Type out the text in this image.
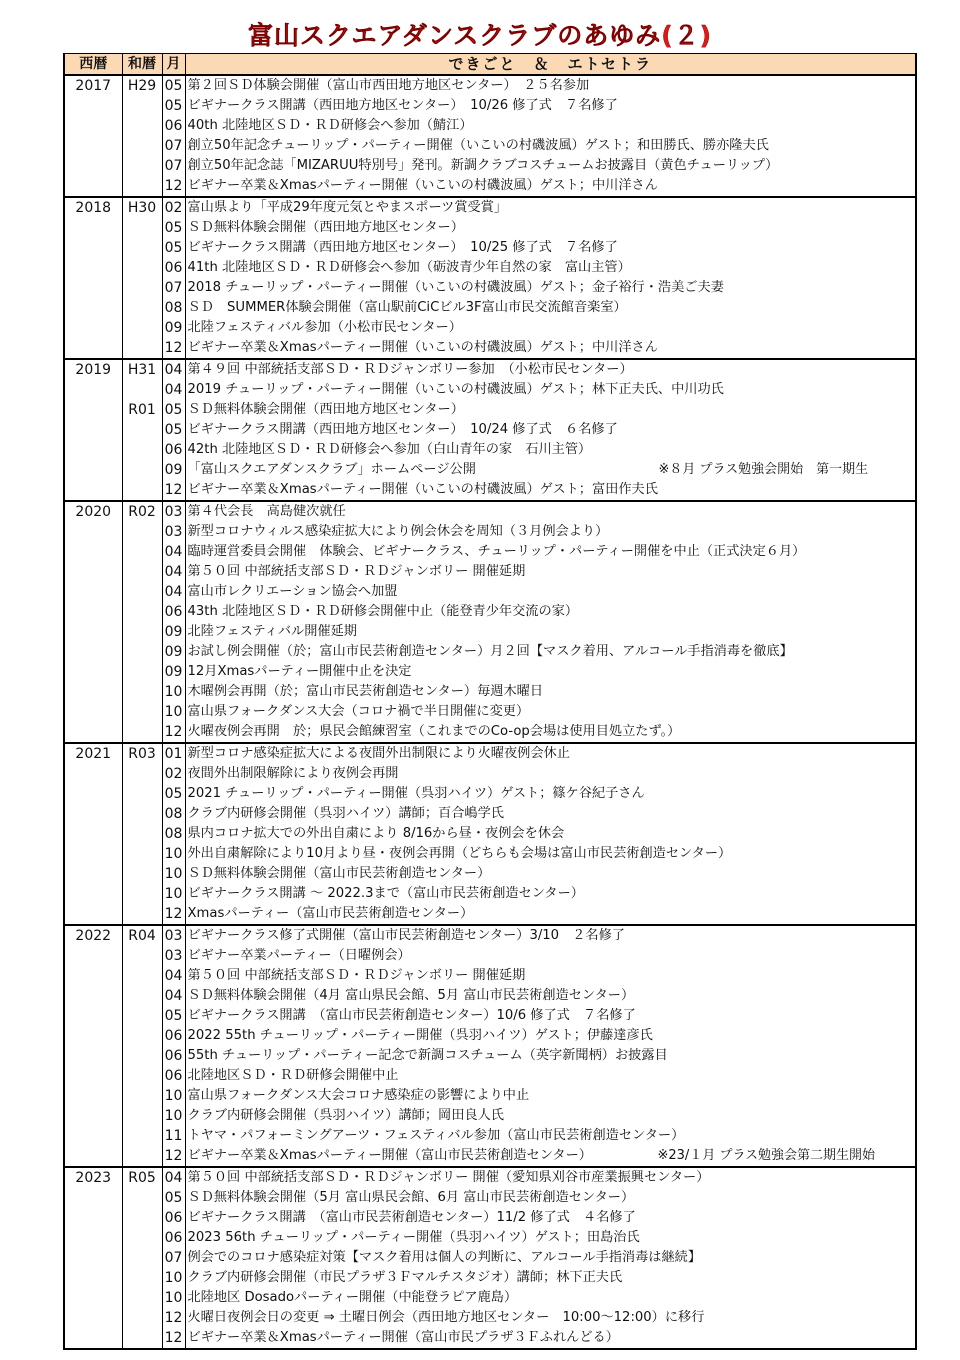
富山スクエアダンスクラブのあゆみ(２)
西暦	和暦	月	できごと　＆　エトセトラ
2017	H29	05	第２回ＳＤ体験会開催（富山市西田地方地区センター）　２５名参加
		05	ビギナークラス開講（西田地方地区センター）　10/26 修了式　７名修了
		06	40th 北陸地区ＳＤ・ＲＤ研修会へ参加（鯖江）
		07	創立50年記念チューリップ・パーティー開催（いこいの村磯波風）ゲスト；和田勝氏、勝亦隆夫氏
		07	創立50年記念誌「MIZARUU特別号」発刊。新調クラブコスチュームお披露目（黄色チューリップ）
		12	ビギナー卒業＆Xmasパーティー開催（いこいの村磯波風）ゲスト；中川洋さん
2018	H30	02	富山県より「平成29年度元気とやまスポーツ賞受賞」
		05	ＳＤ無料体験会開催（西田地方地区センター）
		05	ビギナークラス開講（西田地方地区センター）　10/25 修了式　７名修了
		06	41th 北陸地区ＳＤ・ＲＤ研修会へ参加（砺波青少年自然の家　富山主管）
		07	2018 チューリップ・パーティー開催（いこいの村磯波風）ゲスト；金子裕行・浩美ご夫妻
		08	ＳＤ　SUMMER体験会開催（富山駅前CiCビル3F富山市民交流館音楽室）
		09	北陸フェスティバル参加（小松市民センター）
		12	ビギナー卒業＆Xmasパーティー開催（いこいの村磯波風）ゲスト；中川洋さん
2019	H31	04	第４９回 中部統括支部ＳＤ・ＲＤジャンボリー参加　（小松市民センター）
		04	2019 チューリップ・パーティー開催（いこいの村磯波風）ゲスト；林下正夫氏、中川功氏
	R01	05	ＳＤ無料体験会開催（西田地方地区センター）
		05	ビギナークラス開講（西田地方地区センター）　10/24 修了式　６名修了
		06	42th 北陸地区ＳＤ・ＲＤ研修会へ参加（白山青年の家　石川主管）
		09	「富山スクエアダンスクラブ」ホームページ公開 ※８月 プラス勉強会開始　第一期生

		12	ビギナー卒業＆Xmasパーティー開催（いこいの村磯波風）ゲスト；富田作夫氏
2020	R02	03	第４代会長　高島健次就任
		03	新型コロナウィルス感染症拡大により例会休会を周知（３月例会より）
		04	臨時運営委員会開催　体験会、ビギナークラス、チューリップ・パーティー開催を中止（正式決定６月）
		04	第５０回 中部統括支部ＳＤ・ＲＤジャンボリー 開催延期
		04	富山市レクリエーション協会へ加盟
		06	43th 北陸地区ＳＤ・ＲＤ研修会開催中止（能登青少年交流の家）
		09	北陸フェスティバル開催延期
		09	お試し例会開催（於；富山市民芸術創造センター）月２回【マスク着用、アルコール手指消毒を徹底】
		09	12月Xmasパーティー開催中止を決定
		10	木曜例会再開（於；富山市民芸術創造センター）毎週木曜日
		10	富山県フォークダンス大会（コロナ禍で半日開催に変更）
		12	火曜夜例会再開　於；県民会館練習室（これまでのCo-op会場は使用目処立たず。）
2021	R03	01	新型コロナ感染症拡大による夜間外出制限により火曜夜例会休止
		02	夜間外出制限解除により夜例会再開
		05	2021 チューリップ・パーティー開催（呉羽ハイツ）ゲスト；篠ケ谷紀子さん
		08	クラブ内研修会開催（呉羽ハイツ）講師；百合嶋学氏
		08	県内コロナ拡大での外出自粛により 8/16から昼・夜例会を休会
		10	外出自粛解除により10月より昼・夜例会再開（どちらも会場は富山市民芸術創造センター）
		10	ＳＤ無料体験会開催（富山市民芸術創造センター）
		10	ビギナークラス開講 ～ 2022.3まで（富山市民芸術創造センター）
		12	Xmasパーティー（富山市民芸術創造センター）
2022	R04	03	ビギナークラス修了式開催（富山市民芸術創造センター）3/10　２名修了
		03	ビギナー卒業パーティー（日曜例会）
		04	第５０回 中部統括支部ＳＤ・ＲＤジャンボリー 開催延期
		04	ＳＤ無料体験会開催（4月 富山県民会館、5月 富山市民芸術創造センター）
		05	ビギナークラス開講　（富山市民芸術創造センター）10/6 修了式　７名修了
		06	2022 55th チューリップ・パーティー開催（呉羽ハイツ）ゲスト；伊藤達彦氏
		06	55th チューリップ・パーティー記念で新調コスチューム（英字新聞柄）お披露目
		06	北陸地区ＳＤ・ＲＤ研修会開催中止
		10	富山県フォークダンス大会コロナ感染症の影響により中止
		10	クラブ内研修会開催（呉羽ハイツ）講師；岡田良人氏
		11	トヤマ・パフォーミングアーツ・フェスティバル参加（富山市民芸術創造センター）
		12	ビギナー卒業＆Xmasパーティー開催（富山市民芸術創造センター） ※23/１月 プラス勉強会第二期生開始

2023	R05	04	第５０回 中部統括支部ＳＤ・ＲＤジャンボリー 開催（愛知県刈谷市産業振興センター）
		05	ＳＤ無料体験会開催（5月 富山県民会館、6月 富山市民芸術創造センター）
		06	ビギナークラス開講　（富山市民芸術創造センター）11/2 修了式　４名修了
		06	2023 56th チューリップ・パーティー開催（呉羽ハイツ）ゲスト；田島治氏
		07	例会でのコロナ感染症対策【マスク着用は個人の判断に、アルコール手指消毒は継続】
		10	クラブ内研修会開催（市民プラザ３Ｆマルチスタジオ）講師；林下正夫氏
		10	北陸地区 Dosadoパーティー開催（中能登ラピア鹿島）
		12	火曜日夜例会日の変更 ⇒ 土曜日例会（西田地方地区センター　10:00～12:00）に移行
		12	ビギナー卒業＆Xmasパーティー開催（富山市民プラザ３Ｆふれんどる）
